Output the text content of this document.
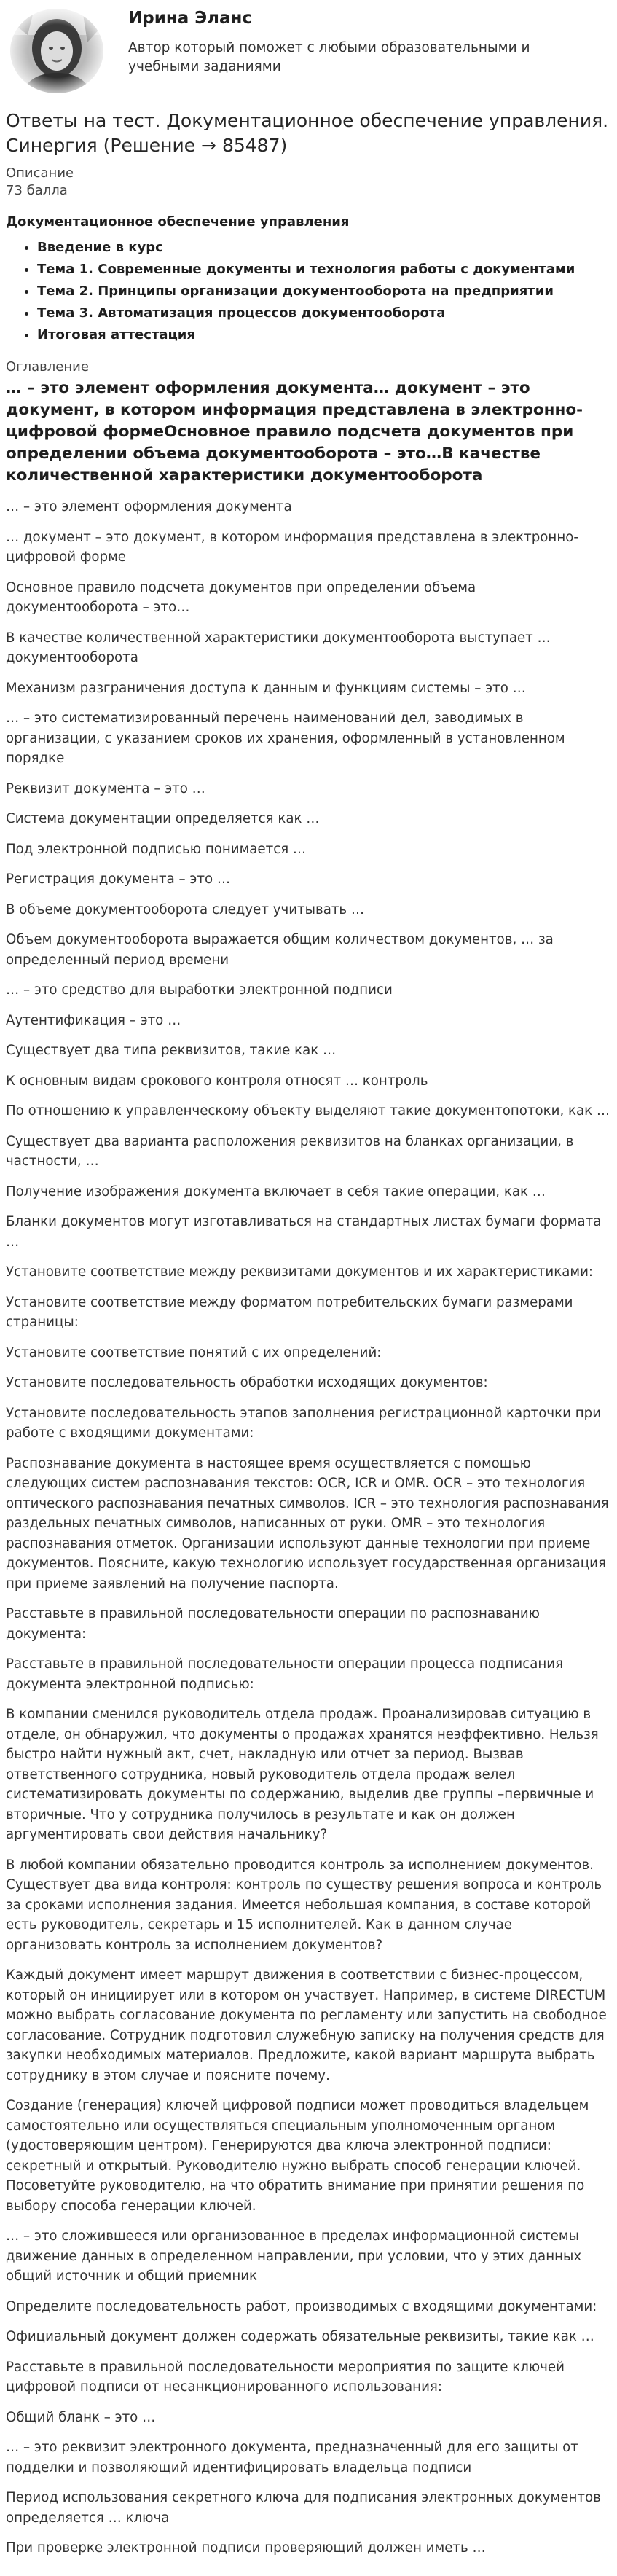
Ирина Эланс
Автор который поможет с любыми образовательными и учебными заданиями
Ответы на тест. Документационное обеспечение управления. Синергия (Решение → 85487)
Описание
73 балла
Документационное обеспечение управления
• Введение в курс
• Тема 1. Современные документы и технология работы с документами
• Тема 2. Принципы организации документооборота на предприятии
• Тема 3. Автоматизация процессов документооборота
• Итоговая аттестация
Оглавление
… – это элемент оформления документа… документ – это документ, в котором информация представлена в электронно-цифровой формеОсновное правило подсчета документов при определении объема документооборота – это…В качестве количественной характеристики документооборота

… – это элемент оформления документа

… документ – это документ, в котором информация представлена в электронно-цифровой форме

Основное правило подсчета документов при определении объема документооборота – это…

В качестве количественной характеристики документооборота выступает … документооборота

Механизм разграничения доступа к данным и функциям системы – это …

… – это систематизированный перечень наименований дел, заводимых в организации, с указанием сроков их хранения, оформленный в установленном порядке

Реквизит документа – это …

Система документации определяется как …

Под электронной подписью понимается …

Регистрация документа – это …

В объеме документооборота следует учитывать …

Объем документооборота выражается общим количеством документов, … за определенный период времени

… – это средство для выработки электронной подписи

Аутентификация – это …

Существует два типа реквизитов, такие как …

К основным видам срокового контроля относят … контроль

По отношению к управленческому объекту выделяют такие документопотоки, как …

Существует два варианта расположения реквизитов на бланках организации, в частности, …

Получение изображения документа включает в себя такие операции, как …

Бланки документов могут изготавливаться на стандартных листах бумаги формата …

Установите соответствие между реквизитами документов и их характеристиками:

Установите соответствие между форматом потребительских бумаги размерами страницы:

Установите соответствие понятий с их определений:

Установите последовательность обработки исходящих документов:

Установите последовательность этапов заполнения регистрационной карточки при работе с входящими документами:

Распознавание документа в настоящее время осуществляется с помощью следующих систем распознавания текстов: OCR, ICR и OMR. OCR – это технология оптического распознавания печатных символов. ICR – это технология распознавания раздельных печатных символов, написанных от руки. OMR – это технология распознавания отметок. Организации используют данные технологии при приеме документов. Поясните, какую технологию использует государственная организация при приеме заявлений на получение паспорта.

Расставьте в правильной последовательности операции по распознаванию документа:

Расставьте в правильной последовательности операции процесса подписания документа электронной подписью:

В компании сменился руководитель отдела продаж. Проанализировав ситуацию в отделе, он обнаружил, что документы о продажах хранятся неэффективно. Нельзя быстро найти нужный акт, счет, накладную или отчет за период. Вызвав ответственного сотрудника, новый руководитель отдела продаж велел систематизировать документы по содержанию, выделив две группы –первичные и вторичные. Что у сотрудника получилось в результате и как он должен аргументировать свои действия начальнику?

В любой компании обязательно проводится контроль за исполнением документов. Существует два вида контроля: контроль по существу решения вопроса и контроль за сроками исполнения задания. Имеется небольшая компания, в составе которой есть руководитель, секретарь и 15 исполнителей. Как в данном случае организовать контроль за исполнением документов?

Каждый документ имеет маршрут движения в соответствии с бизнес-процессом, который он инициирует или в котором он участвует. Например, в системе DIRECTUM можно выбрать согласование документа по регламенту или запустить на свободное согласование. Сотрудник подготовил служебную записку на получения средств для закупки необходимых материалов. Предложите, какой вариант маршрута выбрать сотруднику в этом случае и поясните почему.

Создание (генерация) ключей цифровой подписи может проводиться владельцем самостоятельно или осуществляться специальным уполномоченным органом (удостоверяющим центром). Генерируются два ключа электронной подписи: секретный и открытый. Руководителю нужно выбрать способ генерации ключей. Посоветуйте руководителю, на что обратить внимание при принятии решения по выбору способа генерации ключей.

… – это сложившееся или организованное в пределах информационной системы движение данных в определенном направлении, при условии, что у этих данных общий источник и общий приемник

Определите последовательность работ, производимых с входящими документами:

Официальный документ должен содержать обязательные реквизиты, такие как …

Расставьте в правильной последовательности мероприятия по защите ключей цифровой подписи от несанкционированного использования:

Общий бланк – это …

… – это реквизит электронного документа, предназначенный для его защиты от подделки и позволяющий идентифицировать владельца подписи

Период использования секретного ключа для подписания электронных документов определяется … ключа

При проверке электронной подписи проверяющий должен иметь …
